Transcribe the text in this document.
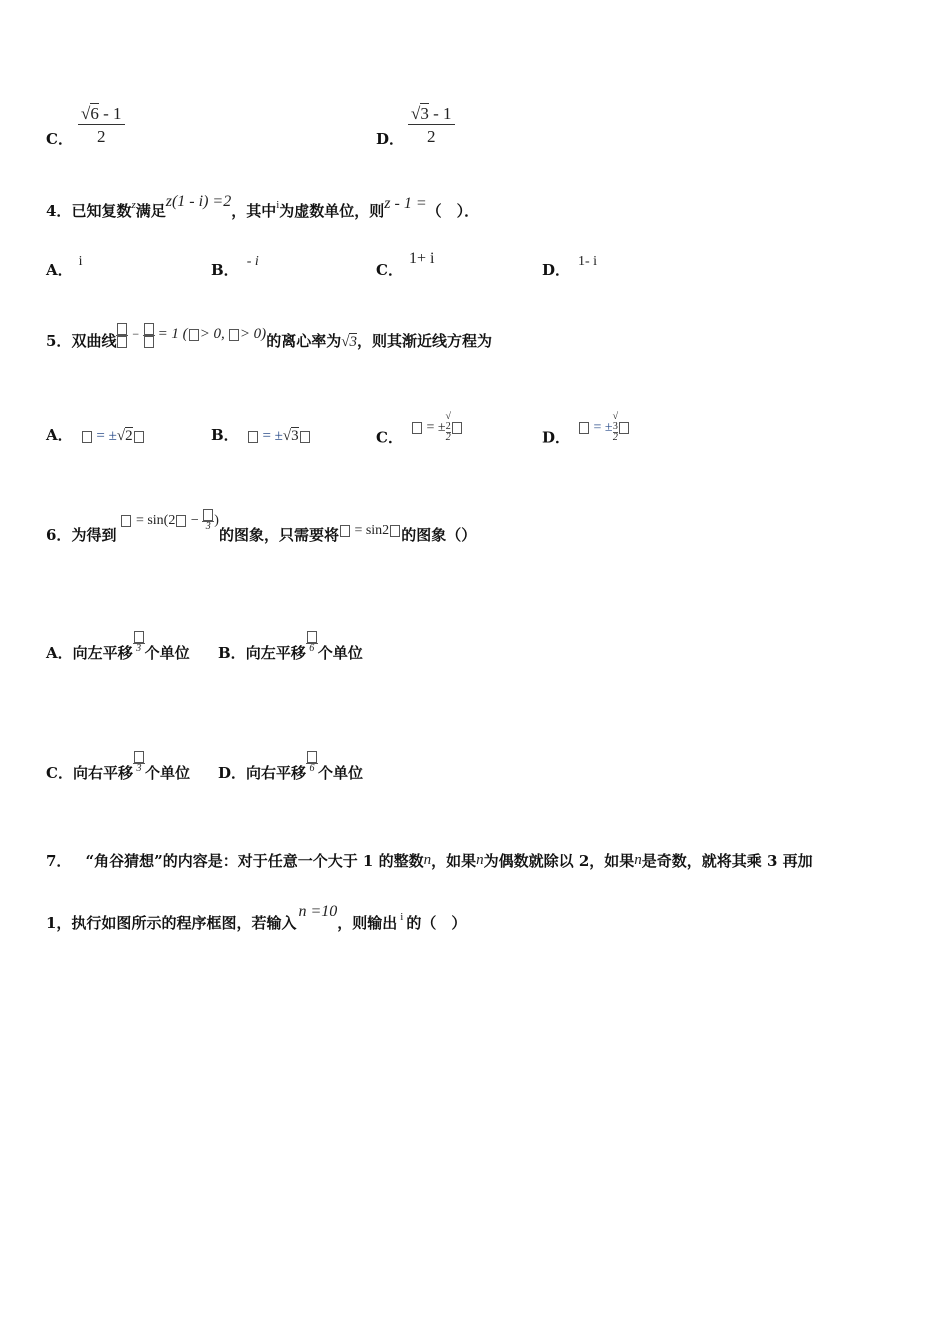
C． $\frac{√6 - 1}{2}$	D． $\frac{√3 - 1}{2}$
4．已知复数$^z$满足z(1 - i) =2，其中$^i$为虚数单位，则z - 1 =（　）．
A． i	B． - i	C．1+ i
D． 1- i
5．双曲线
$^{- = 1 ( > 0, > 0)}$的离心率为√3，则其渐近线方程为
A． = ±√2	B． = ±√3	C． = ± √
2
2	D． = ± √
3
2
6．为得到 = sin(2 − 3 )的图象，只需要将 = sin2 的图象（）
A．向左平移 3 个单位 B．向左平移 6 个单位
C．向右平移 3 个单位 D．向右平移 6 个单位
7． “角谷猜想”的内容是：对于任意一个大于 1 的整数n，如果n为偶数就除以 2，如果n是奇数，就将其乘 3 再加
1，执行如图所示的程序框图，若输入n =10，则输出 $^i$ 的（　）
